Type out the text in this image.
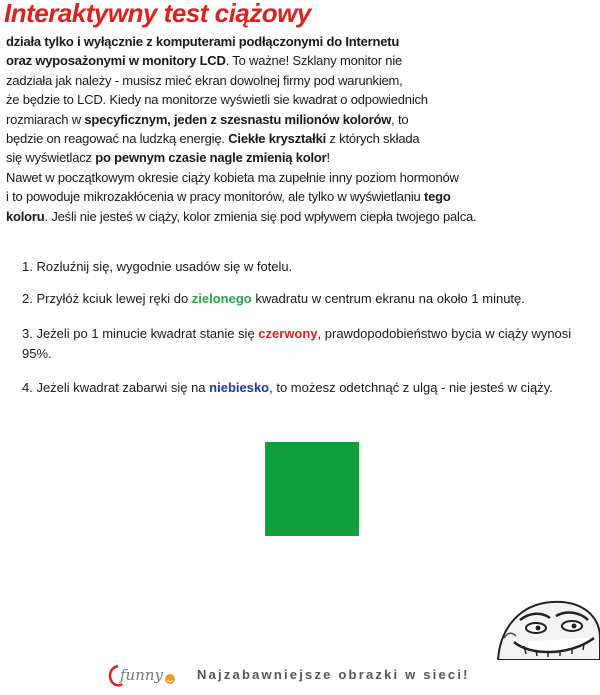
Interaktywny test ciążowy
działa tylko i wyłącznie z komputerami podłączonymi do Internetu
oraz wyposażonymi w monitory LCD. To ważne! Szklany monitor nie
zadziała jak należy - musisz mieć ekran dowolnej firmy pod warunkiem,
że będzie to LCD. Kiedy na monitorze wyświetli sie kwadrat o odpowiednich
rozmiarach w specyficznym, jeden z szesnastu milionów kolorów, to
będzie on reagować na ludzką energię. Ciekłe kryształki z których składa
się wyświetlacz po pewnym czasie nagle zmienią kolor!
Nawet w początkowym okresie ciąży kobieta ma zupełnie inny poziom hormonów
i to powoduje mikrozakłócenia w pracy monitorów, ale tylko w wyświetlaniu tego
koloru. Jeśli nie jesteś w ciąży, kolor zmienia się pod wpływem ciepła twojego palca.

1. Rozluźnij się, wygodnie usadów się w fotelu.

2. Przyłóż kciuk lewej ręki do zielonego kwadratu w centrum ekranu na około 1 minutę.

3. Jeżeli po 1 minucie kwadrat stanie się czerwony, prawdopodobieństwo bycia w ciąży wynosi 95%.

4. Jeżeli kwadrat zabarwi się na niebiesko, to możesz odetchnąć z ulgą - nie jesteś w ciąży.

funny	Najzabawniejsze obrazki w sieci!
